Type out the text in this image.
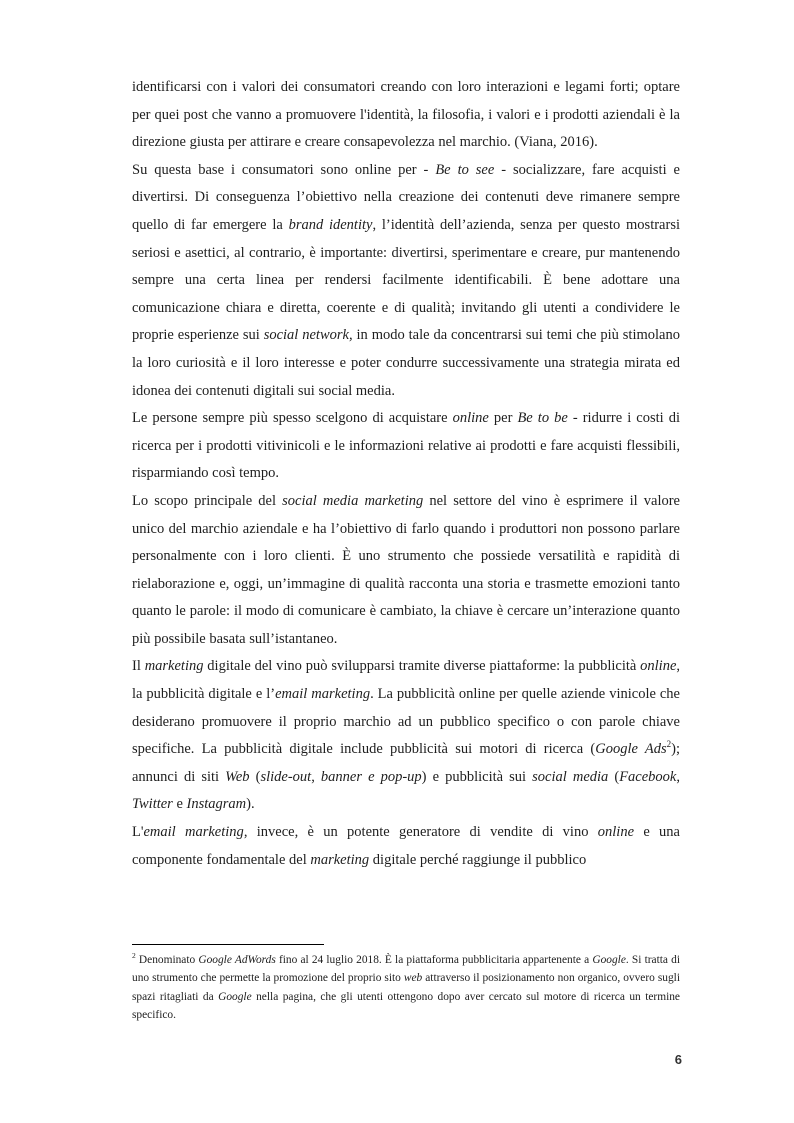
identificarsi con i valori dei consumatori creando con loro interazioni e legami forti; optare per quei post che vanno a promuovere l'identità, la filosofia, i valori e i prodotti aziendali è la direzione giusta per attirare e creare consapevolezza nel marchio. (Viana, 2016).

Su questa base i consumatori sono online per - Be to see - socializzare, fare acquisti e divertirsi. Di conseguenza l’obiettivo nella creazione dei contenuti deve rimanere sempre quello di far emergere la brand identity, l’identità dell’azienda, senza per questo mostrarsi seriosi e asettici, al contrario, è importante: divertirsi, sperimentare e creare, pur mantenendo sempre una certa linea per rendersi facilmente identificabili. È bene adottare una comunicazione chiara e diretta, coerente e di qualità; invitando gli utenti a condividere le proprie esperienze sui social network, in modo tale da concentrarsi sui temi che più stimolano la loro curiosità e il loro interesse e poter condurre successivamente una strategia mirata ed idonea dei contenuti digitali sui social media.

Le persone sempre più spesso scelgono di acquistare online per Be to be - ridurre i costi di ricerca per i prodotti vitivinicoli e le informazioni relative ai prodotti e fare acquisti flessibili, risparmiando così tempo.

Lo scopo principale del social media marketing nel settore del vino è esprimere il valore unico del marchio aziendale e ha l’obiettivo di farlo quando i produttori non possono parlare personalmente con i loro clienti. È uno strumento che possiede versatilità e rapidità di rielaborazione e, oggi, un’immagine di qualità racconta una storia e trasmette emozioni tanto quanto le parole: il modo di comunicare è cambiato, la chiave è cercare un’interazione quanto più possibile basata sull’istantaneo.

Il marketing digitale del vino può svilupparsi tramite diverse piattaforme: la pubblicità online, la pubblicità digitale e l’email marketing. La pubblicità online per quelle aziende vinicole che desiderano promuovere il proprio marchio ad un pubblico specifico o con parole chiave specifiche. La pubblicità digitale include pubblicità sui motori di ricerca (Google Ads$^2$); annunci di siti Web (slide-out, banner e pop-up) e pubblicità sui social media (Facebook, Twitter e Instagram).

L'email marketing, invece, è un potente generatore di vendite di vino online e una componente fondamentale del marketing digitale perché raggiunge il pubblico

$^2$ Denominato Google AdWords fino al 24 luglio 2018. È la piattaforma pubblicitaria appartenente a Google. Si tratta di uno strumento che permette la promozione del proprio sito web attraverso il posizionamento non organico, ovvero sugli spazi ritagliati da Google nella pagina, che gli utenti ottengono dopo aver cercato sul motore di ricerca un termine specifico.

6
